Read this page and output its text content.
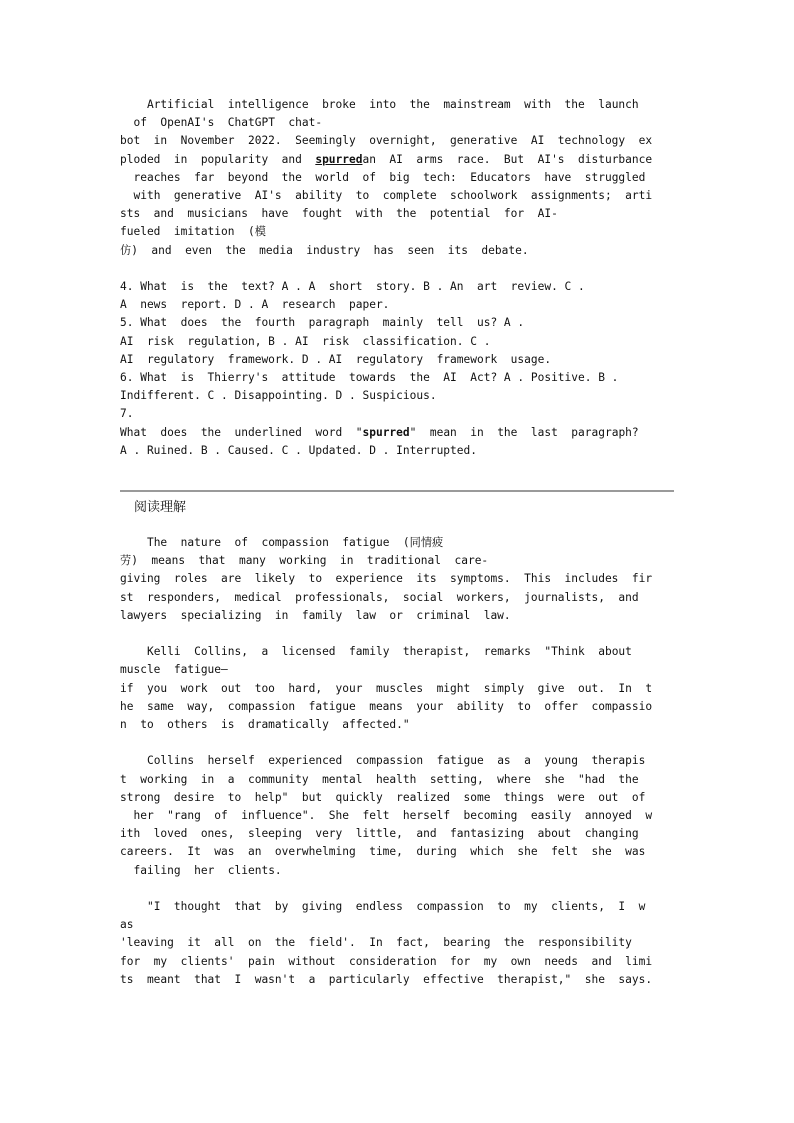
Artificial  intelligence  broke  into  the  mainstream  with  the  launch
of  OpenAI's  ChatGPT  chat-
bot  in  November  2022.  Seemingly  overnight,  generative  AI  technology  ex
ploded  in  popularity  and  spurredan  AI  arms  race.  But  AI's  disturbance
reaches  far  beyond  the  world  of  big  tech:  Educators  have  struggled
with  generative  AI's  ability  to  complete  schoolwork  assignments;  arti
sts  and  musicians  have  fought  with  the  potential  for  AI-
fueled  imitation  (模
仿)  and  even  the  media  industry  has  seen  its  debate.
4. What  is  the  text? A . A  short  story. B . An  art  review. C .
A  news  report. D . A  research  paper.
5. What  does  the  fourth  paragraph  mainly  tell  us? A .
AI  risk  regulation, B . AI  risk  classification. C .
AI  regulatory  framework. D . AI  regulatory  framework  usage.
6. What  is  Thierry's  attitude  towards  the  AI  Act? A . Positive. B .
Indifferent. C . Disappointing. D . Suspicious.
7.
What  does  the  underlined  word  "spurred"  mean  in  the  last  paragraph?
A . Ruined. B . Caused. C . Updated. D . Interrupted.
阅读理解
The  nature  of  compassion  fatigue  (同情疲
劳)  means  that  many  working  in  traditional  care-
giving  roles  are  likely  to  experience  its  symptoms.  This  includes  fir
st  responders,  medical  professionals,  social  workers,  journalists,  and
lawyers  specializing  in  family  law  or  criminal  law.
Kelli  Collins,  a  licensed  family  therapist,  remarks  "Think  about
muscle  fatigue—
if  you  work  out  too  hard,  your  muscles  might  simply  give  out.  In  t
he  same  way,  compassion  fatigue  means  your  ability  to  offer  compassio
n  to  others  is  dramatically  affected."
Collins  herself  experienced  compassion  fatigue  as  a  young  therapis
t  working  in  a  community  mental  health  setting,  where  she  "had  the
strong  desire  to  help"  but  quickly  realized  some  things  were  out  of
her  "rang  of  influence".  She  felt  herself  becoming  easily  annoyed  w
ith  loved  ones,  sleeping  very  little,  and  fantasizing  about  changing
careers.  It  was  an  overwhelming  time,  during  which  she  felt  she  was
failing  her  clients.
"I  thought  that  by  giving  endless  compassion  to  my  clients,  I  w
as
'leaving  it  all  on  the  field'.  In  fact,  bearing  the  responsibility
for  my  clients'  pain  without  consideration  for  my  own  needs  and  limi
ts  meant  that  I  wasn't  a  particularly  effective  therapist,"  she  says.
